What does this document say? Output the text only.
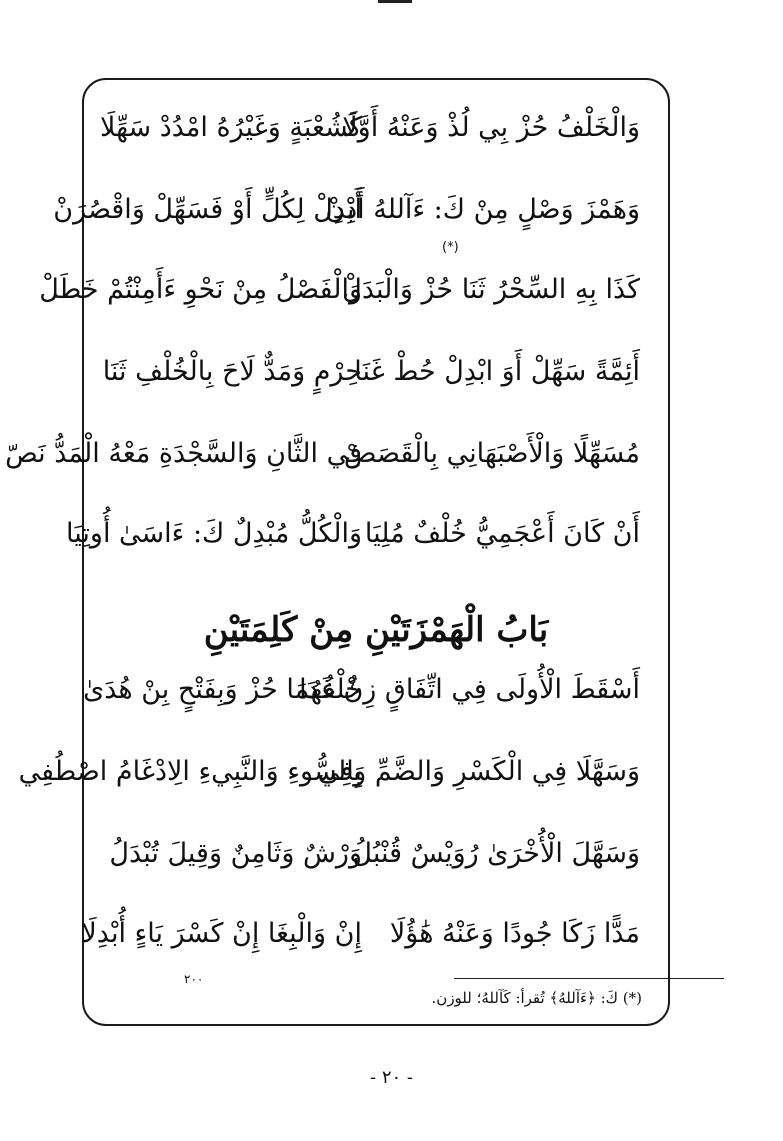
وَالْخَلْفُ حُزْ بِي لُذْ وَعَنْهُ أَوَّلَا
كَشُعْبَةٍ وَغَيْرُهُ امْدُدْ سَهِّلَا
(*)
وَهَمْزَ وَصْلٍ مِنْ كَ: ءَآللهُ أَذِنْ
أَبْدِلْ لِكُلٍّ أَوْ فَسَهِّلْ وَاقْصُرَنْ
كَذَا بِهِ السِّحْرُ ثَنَا حُزْ وَالْبَدَلْ
وَالْفَصْلُ مِنْ نَحْوِ ءَأَمِنْتُمْ خَطَلْ
أَئِمَّةً سَهِّلْ أَوَ ابْدِلْ حُطْ غَنَا
حِرْمٍ وَمَدٌّ لَاحَ بِالْخُلْفِ ثَنَا
مُسَهِّلًا وَالْأَصْبَهَانِي بِالْقَصَصْ
فِي الثَّانِ وَالسَّجْدَةِ مَعْهُ الْمَدُّ نَصّ
أَنْ كَانَ أَعْجَمِيُّ خُلْفٌ مُلِيَا
وَالْكُلُّ مُبْدِلٌ كَ: ءَاسَىٰ أُوتِيَا
بَابُ الْهَمْزَتَيْنِ مِنْ كَلِمَتَيْنِ
أَسْقَطَ الْأُولَى فِي اتِّفَاقٍ زِنْ غَدَا
خُلْفُهُمَا حُزْ وَبِفَتْحٍ بِنْ هُدَىٰ
وَسَهَّلَا فِي الْكَسْرِ وَالضَّمِّ وَفِي
بِالسُّوءِ وَالنَّبِيءِ الِادْغَامُ اصْطُفِي
وَسَهَّلَ الْأُخْرَىٰ رُوَيْسٌ قُنْبُلُ
وَرْشٌ وَثَامِنٌ وَقِيلَ تُبْدَلُ
٢٠٠
مَدًّا زَكَا جُودًا وَعَنْهُ هَٰؤُلَا
إِنْ وَالْبِغَا إِنْ كَسْرَ يَاءٍ أُبْدِلَا
(*) كَ: ﴿ءَآللهُ﴾ تُقرأ: كَآللهُ؛ للوزن.
- ٢٠ -
